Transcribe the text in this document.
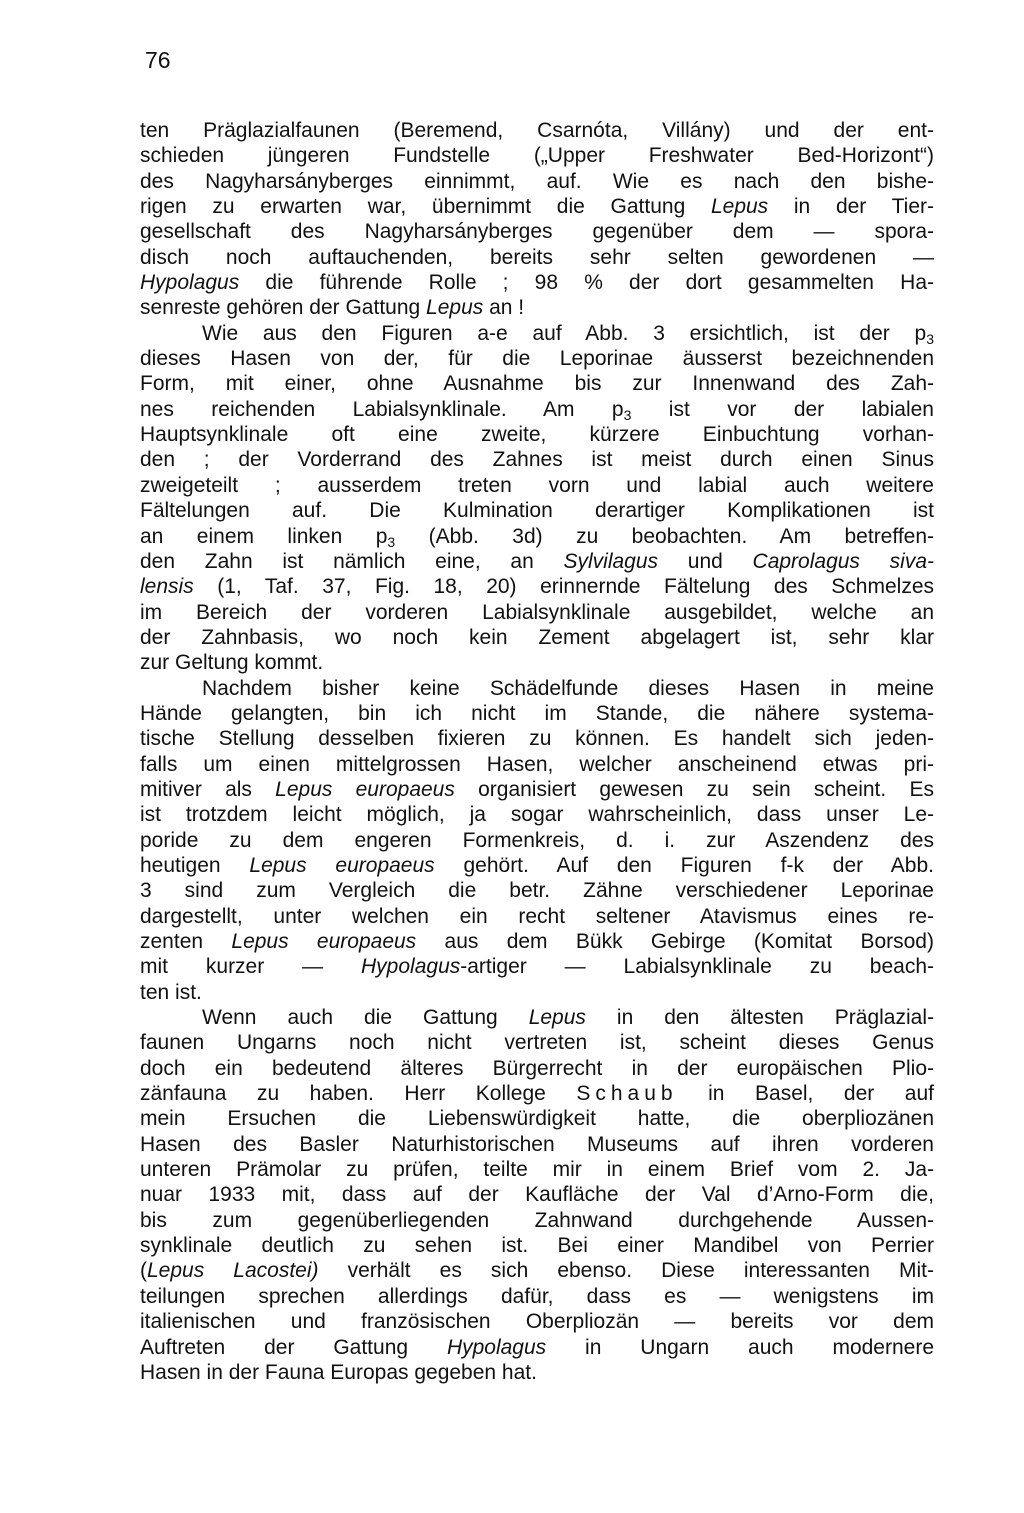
76
ten Präglazialfaunen (Beremend, Csarnóta, Villány) und der ent-
schieden jüngeren Fundstelle („Upper Freshwater Bed-Horizont“)
des Nagyharsányberges einnimmt, auf. Wie es nach den bishe-
rigen zu erwarten war, übernimmt die Gattung Lepus in der Tier-
gesellschaft des Nagyharsányberges gegenüber dem — spora-
disch noch auftauchenden, bereits sehr selten gewordenen —
Hypolagus die führende Rolle ; 98 % der dort gesammelten Ha-
senreste gehören der Gattung Lepus an !
Wie aus den Figuren a-e auf Abb. 3 ersichtlich, ist der p3
dieses Hasen von der, für die Leporinae äusserst bezeichnenden
Form, mit einer, ohne Ausnahme bis zur Innenwand des Zah-
nes reichenden Labialsynklinale. Am p3 ist vor der labialen
Hauptsynklinale oft eine zweite, kürzere Einbuchtung vorhan-
den ; der Vorderrand des Zahnes ist meist durch einen Sinus
zweigeteilt ; ausserdem treten vorn und labial auch weitere
Fältelungen auf. Die Kulmination derartiger Komplikationen ist
an einem linken p3 (Abb. 3d) zu beobachten. Am betreffen-
den Zahn ist nämlich eine, an Sylvilagus und Caprolagus siva-
lensis (1, Taf. 37, Fig. 18, 20) erinnernde Fältelung des Schmelzes
im Bereich der vorderen Labialsynklinale ausgebildet, welche an
der Zahnbasis, wo noch kein Zement abgelagert ist, sehr klar
zur Geltung kommt.
Nachdem bisher keine Schädelfunde dieses Hasen in meine
Hände gelangten, bin ich nicht im Stande, die nähere systema-
tische Stellung desselben fixieren zu können. Es handelt sich jeden-
falls um einen mittelgrossen Hasen, welcher anscheinend etwas pri-
mitiver als Lepus europaeus organisiert gewesen zu sein scheint. Es
ist trotzdem leicht möglich, ja sogar wahrscheinlich, dass unser Le-
poride zu dem engeren Formenkreis, d. i. zur Aszendenz des
heutigen Lepus europaeus gehört. Auf den Figuren f-k der Abb.
3 sind zum Vergleich die betr. Zähne verschiedener Leporinae
dargestellt, unter welchen ein recht seltener Atavismus eines re-
zenten Lepus europaeus aus dem Bükk Gebirge (Komitat Borsod)
mit kurzer — Hypolagus-artiger — Labialsynklinale zu beach-
ten ist.
Wenn auch die Gattung Lepus in den ältesten Präglazial-
faunen Ungarns noch nicht vertreten ist, scheint dieses Genus
doch ein bedeutend älteres Bürgerrecht in der europäischen Plio-
zänfauna zu haben. Herr Kollege Schaub in Basel, der auf
mein Ersuchen die Liebenswürdigkeit hatte, die oberpliozänen
Hasen des Basler Naturhistorischen Museums auf ihren vorderen
unteren Prämolar zu prüfen, teilte mir in einem Brief vom 2. Ja-
nuar 1933 mit, dass auf der Kaufläche der Val d’Arno-Form die,
bis zum gegenüberliegenden Zahnwand durchgehende Aussen-
synklinale deutlich zu sehen ist. Bei einer Mandibel von Perrier
(Lepus Lacostei) verhält es sich ebenso. Diese interessanten Mit-
teilungen sprechen allerdings dafür, dass es — wenigstens im
italienischen und französischen Oberpliozän — bereits vor dem
Auftreten der Gattung Hypolagus in Ungarn auch modernere
Hasen in der Fauna Europas gegeben hat.
